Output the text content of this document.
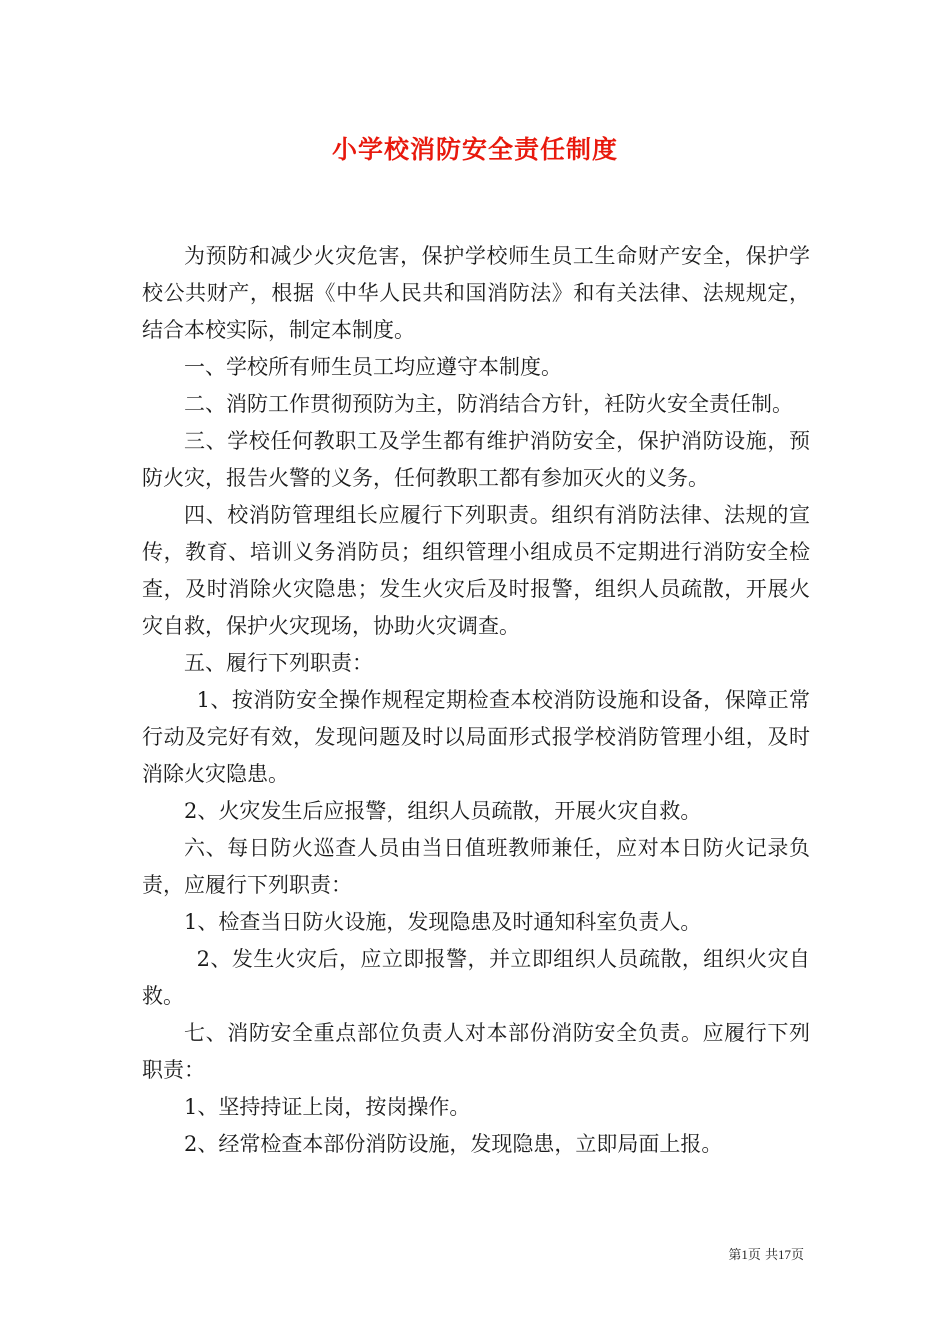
小学校消防安全责任制度

为预防和减少火灾危害，保护学校师生员工生命财产安全，保护学校公共财产，根据《中华人民共和国消防法》和有关法律、法规规定，结合本校实际，制定本制度。

一、学校所有师生员工均应遵守本制度。

二、消防工作贯彻预防为主，防消结合方针，衽防火安全责任制。

三、学校任何教职工及学生都有维护消防安全，保护消防设施，预防火灾，报告火警的义务，任何教职工都有参加灭火的义务。

四、校消防管理组长应履行下列职责。组织有消防法律、法规的宣传，教育、培训义务消防员；组织管理小组成员不定期进行消防安全检查，及时消除火灾隐患；发生火灾后及时报警，组织人员疏散，开展火灾自救，保护火灾现场，协助火灾调查。

五、履行下列职责：

1、按消防安全操作规程定期检查本校消防设施和设备，保障正常行动及完好有效，发现问题及时以局面形式报学校消防管理小组，及时消除火灾隐患。

2、火灾发生后应报警，组织人员疏散，开展火灾自救。

六、每日防火巡查人员由当日值班教师兼任，应对本日防火记录负责，应履行下列职责：

1、检查当日防火设施，发现隐患及时通知科室负责人。

2、发生火灾后，应立即报警，并立即组织人员疏散，组织火灾自救。

七、消防安全重点部位负责人对本部份消防安全负责。应履行下列职责：

1、坚持持证上岗，按岗操作。

2、经常检查本部份消防设施，发现隐患，立即局面上报。

第1页 共17页
